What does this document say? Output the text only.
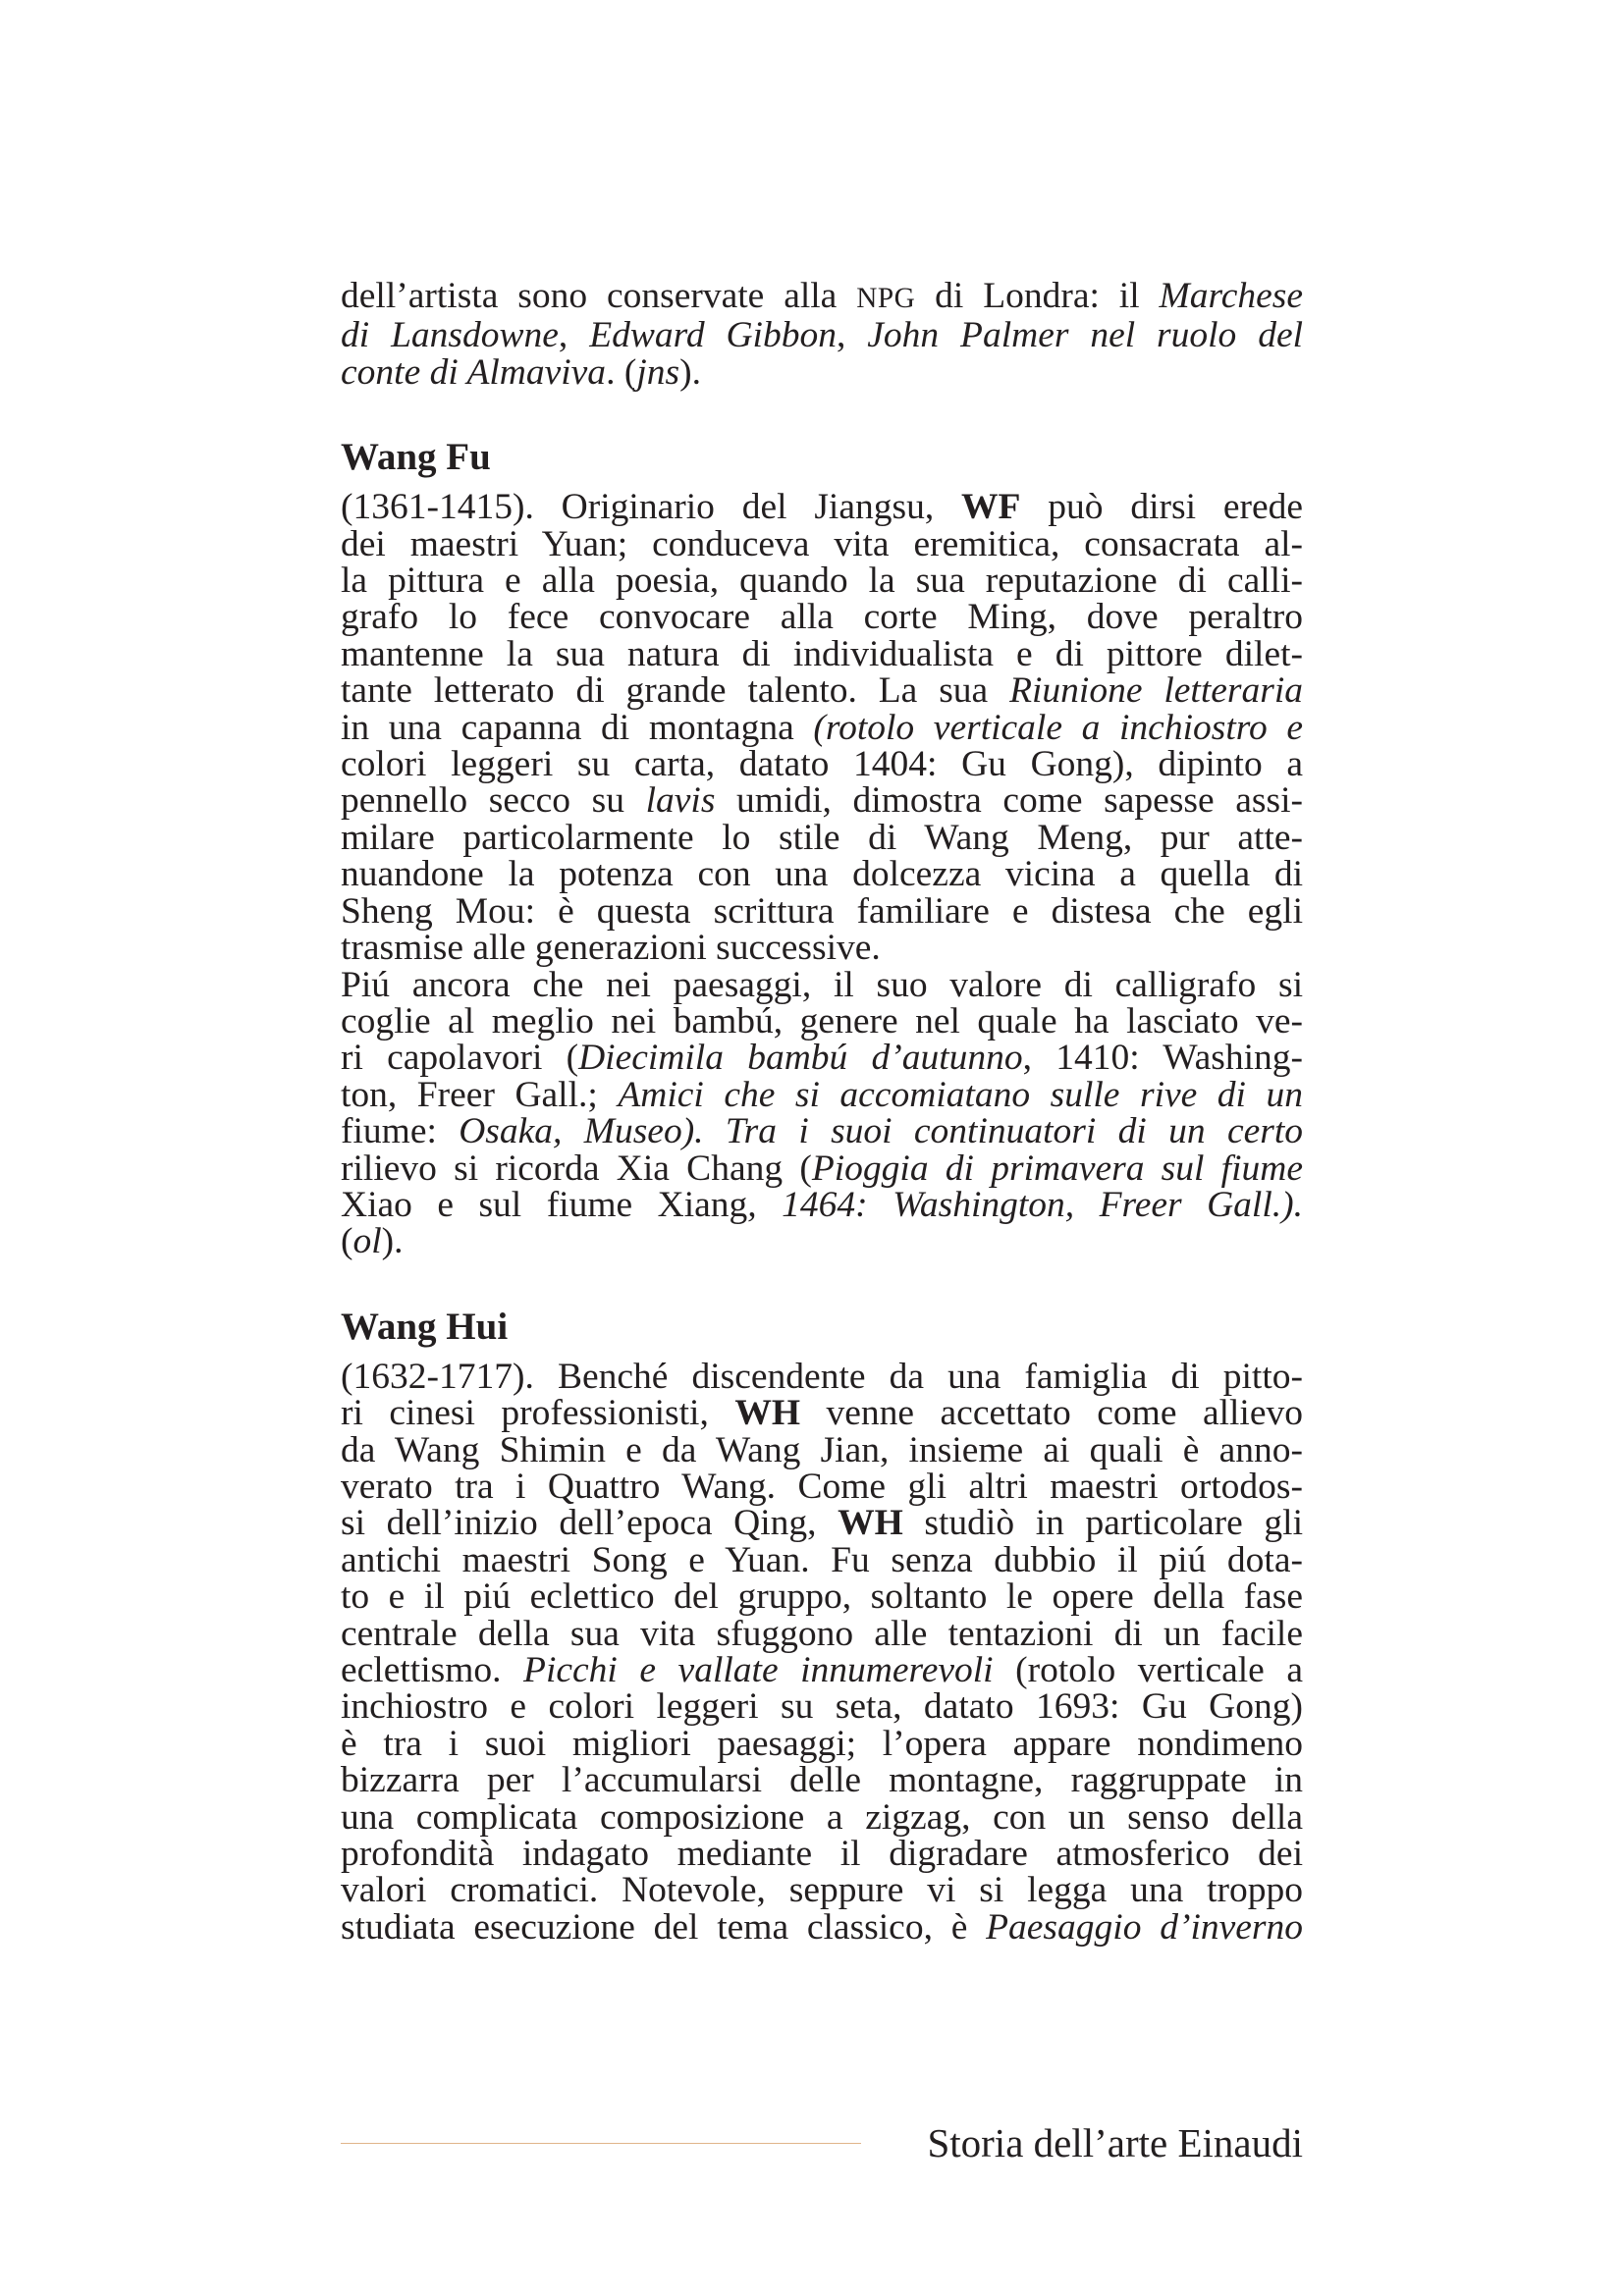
dell’artista sono conservate alla NPG di Londra: il Marchese
di Lansdowne, Edward Gibbon, John Palmer nel ruolo del
conte di Almaviva. (jns).

Wang Fu

(1361-1415). Originario del Jiangsu, WF può dirsi erede
dei maestri Yuan; conduceva vita eremitica, consacrata al-
la pittura e alla poesia, quando la sua reputazione di calli-
grafo lo fece convocare alla corte Ming, dove peraltro
mantenne la sua natura di individualista e di pittore dilet-
tante letterato di grande talento. La sua Riunione letteraria
in una capanna di montagna (rotolo verticale a inchiostro e
colori leggeri su carta, datato 1404: Gu Gong), dipinto a
pennello secco su lavis umidi, dimostra come sapesse assi-
milare particolarmente lo stile di Wang Meng, pur atte-
nuandone la potenza con una dolcezza vicina a quella di
Sheng Mou: è questa scrittura familiare e distesa che egli
trasmise alle generazioni successive.

Piú ancora che nei paesaggi, il suo valore di calligrafo si
coglie al meglio nei bambú, genere nel quale ha lasciato ve-
ri capolavori (Diecimila bambú d’autunno, 1410: Washing-
ton, Freer Gall.; Amici che si accomiatano sulle rive di un
fiume: Osaka, Museo). Tra i suoi continuatori di un certo
rilievo si ricorda Xia Chang (Pioggia di primavera sul fiume
Xiao e sul fiume Xiang, 1464: Washington, Freer Gall.).
(ol).

Wang Hui

(1632-1717). Benché discendente da una famiglia di pitto-
ri cinesi professionisti, WH venne accettato come allievo
da Wang Shimin e da Wang Jian, insieme ai quali è anno-
verato tra i Quattro Wang. Come gli altri maestri ortodos-
si dell’inizio dell’epoca Qing, WH studiò in particolare gli
antichi maestri Song e Yuan. Fu senza dubbio il piú dota-
to e il piú eclettico del gruppo, soltanto le opere della fase
centrale della sua vita sfuggono alle tentazioni di un facile
eclettismo. Picchi e vallate innumerevoli (rotolo verticale a
inchiostro e colori leggeri su seta, datato 1693: Gu Gong)
è tra i suoi migliori paesaggi; l’opera appare nondimeno
bizzarra per l’accumularsi delle montagne, raggruppate in
una complicata composizione a zigzag, con un senso della
profondità indagato mediante il digradare atmosferico dei
valori cromatici. Notevole, seppure vi si legga una troppo
studiata esecuzione del tema classico, è Paesaggio d’inverno

Storia dell’arte Einaudi
